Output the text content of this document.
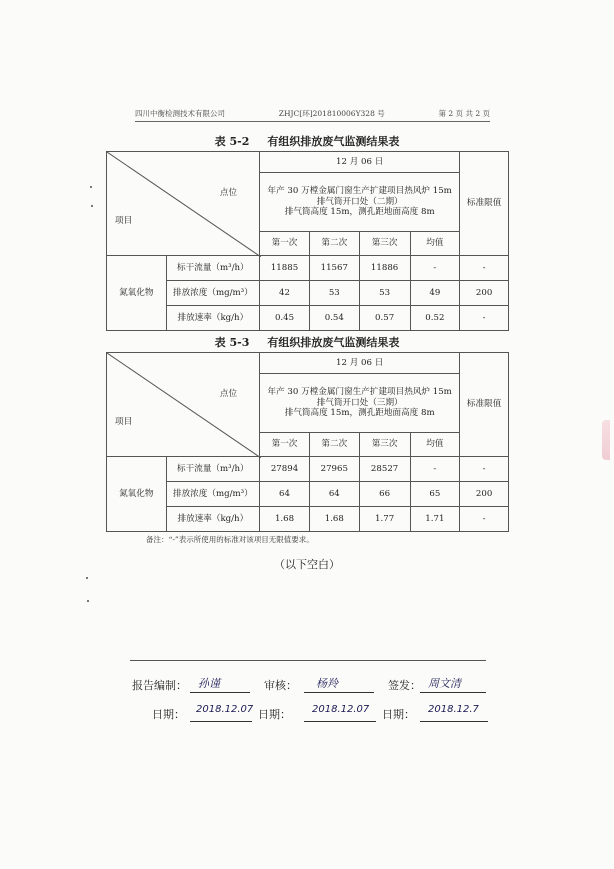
四川中衡检测技术有限公司	ZHJC[环]201810006Y328 号	第 2 页 共 2 页
表 5-2 有组织排放废气监测结果表
点位
项目		12 月 06 日				标准限值

		年产 30 万樘金属门窗生产扩建项目热风炉 15m 排气筒开口处（二期）
排气筒高度 15m，测孔距地面高度 8m				

		第一次	第二次	第三次	均值	
氮氧化物	标干流量（m³/h）	11885	11567	11886	-	-
	排放浓度（mg/m³）	42	53	53	49	200
	排放速率（kg/h）	0.45	0.54	0.57	0.52	-
表 5-3 有组织排放废气监测结果表
点位
项目		12 月 06 日				标准限值

		年产 30 万樘金属门窗生产扩建项目热风炉 15m 排气筒开口处（三期）
排气筒高度 15m，测孔距地面高度 8m				

		第一次	第二次	第三次	均值	
氮氧化物	标干流量（m³/h）	27894	27965	28527	-	-
	排放浓度（mg/m³）	64	64	66	65	200
	排放速率（kg/h）	1.68	1.68	1.77	1.71	-
备注：“-”表示所使用的标准对该项目无限值要求。
（以下空白）
报告编制： 孙谨	审核： 杨羚	签发： 周文清
日期： 2018.12.07 日期： 2018.12.07 日期： 2018.12.7
